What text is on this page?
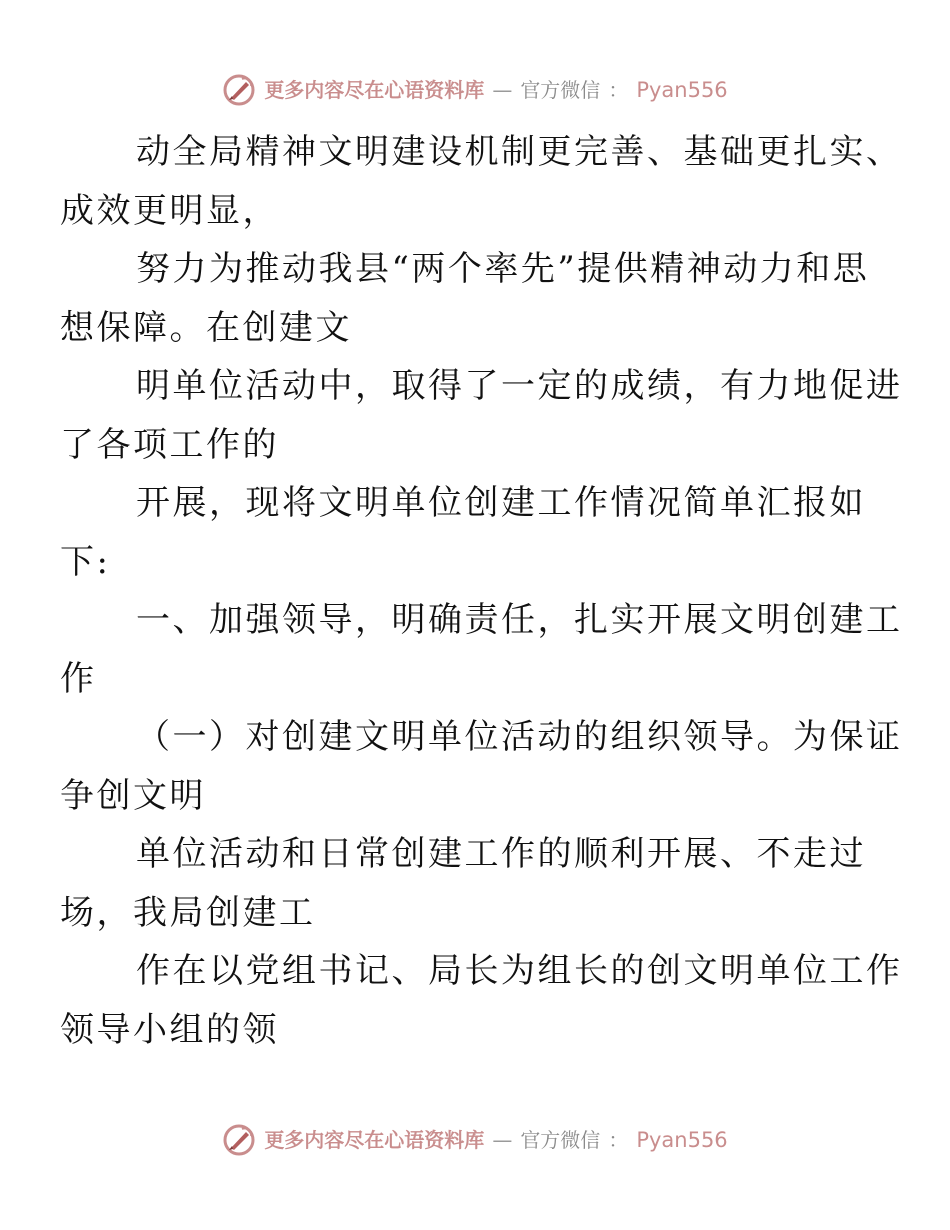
更多内容尽在心语资料库 — 官方微信 ： Pyan556

动全局精神文明建设机制更完善、基础更扎实、
成效更明显，

努力为推动我县“两个率先”提供精神动力和思
想保障。在创建文

明单位活动中，取得了一定的成绩，有力地促进
了各项工作的

开展，现将文明单位创建工作情况简单汇报如
下:

一、加强领导，明确责任，扎实开展文明创建工
作

（一）对创建文明单位活动的组织领导。为保证
争创文明

单位活动和日常创建工作的顺利开展、不走过
场，我局创建工

作在以党组书记、局长为组长的创文明单位工作
领导小组的领

更多内容尽在心语资料库 — 官方微信 ： Pyan556
